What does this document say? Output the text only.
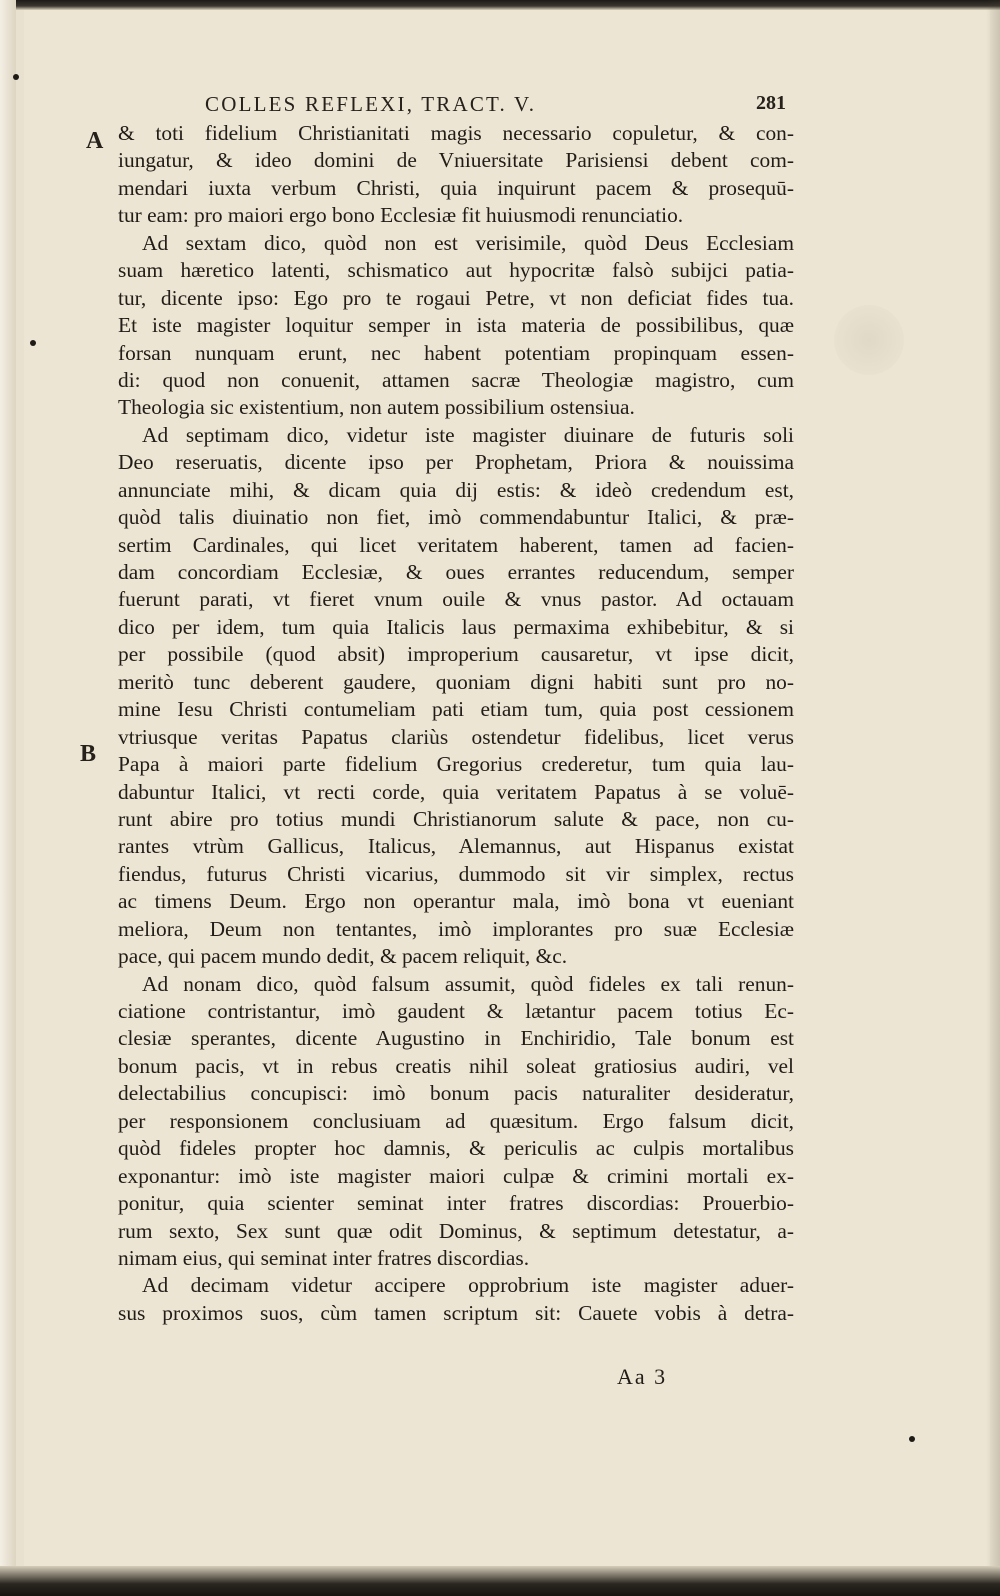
COLLES REFLEXI, TRACT. V.	281
A
B
& toti fidelium Christianitati magis necessario copuletur, & con-
iungatur, & ideo domini de Vniuersitate Parisiensi debent com-
mendari iuxta verbum Christi, quia inquirunt pacem & prosequū-
tur eam: pro maiori ergo bono Ecclesiæ fit huiusmodi renunciatio.
Ad sextam dico, quòd non est verisimile, quòd Deus Ecclesiam
suam hæretico latenti, schismatico aut hypocritæ falsò subijci patia-
tur, dicente ipso: Ego pro te rogaui Petre, vt non deficiat fides tua.
Et iste magister loquitur semper in ista materia de possibilibus, quæ
forsan nunquam erunt, nec habent potentiam propinquam essen-
di: quod non conuenit, attamen sacræ Theologiæ magistro, cum
Theologia sic existentium, non autem possibilium ostensiua.
Ad septimam dico, videtur iste magister diuinare de futuris soli
Deo reseruatis, dicente ipso per Prophetam, Priora & nouissima
annunciate mihi, & dicam quia dij estis: & ideò credendum est,
quòd talis diuinatio non fiet, imò commendabuntur Italici, & præ-
sertim Cardinales, qui licet veritatem haberent, tamen ad facien-
dam concordiam Ecclesiæ, & oues errantes reducendum, semper
fuerunt parati, vt fieret vnum ouile & vnus pastor. Ad octauam
dico per idem, tum quia Italicis laus permaxima exhibebitur, & si
per possibile (quod absit) improperium causaretur, vt ipse dicit,
meritò tunc deberent gaudere, quoniam digni habiti sunt pro no-
mine Iesu Christi contumeliam pati etiam tum, quia post cessionem
vtriusque veritas Papatus clariùs ostendetur fidelibus, licet verus
Papa à maiori parte fidelium Gregorius crederetur, tum quia lau-
dabuntur Italici, vt recti corde, quia veritatem Papatus à se voluē-
runt abire pro totius mundi Christianorum salute & pace, non cu-
rantes vtrùm Gallicus, Italicus, Alemannus, aut Hispanus existat
fiendus, futurus Christi vicarius, dummodo sit vir simplex, rectus
ac timens Deum. Ergo non operantur mala, imò bona vt eueniant
meliora, Deum non tentantes, imò implorantes pro suæ Ecclesiæ
pace, qui pacem mundo dedit, & pacem reliquit, &c.
Ad nonam dico, quòd falsum assumit, quòd fideles ex tali renun-
ciatione contristantur, imò gaudent & lætantur pacem totius Ec-
clesiæ sperantes, dicente Augustino in Enchiridio, Tale bonum est
bonum pacis, vt in rebus creatis nihil soleat gratiosius audiri, vel
delectabilius concupisci: imò bonum pacis naturaliter desideratur,
per responsionem conclusiuam ad quæsitum. Ergo falsum dicit,
quòd fideles propter hoc damnis, & periculis ac culpis mortalibus
exponantur: imò iste magister maiori culpæ & crimini mortali ex-
ponitur, quia scienter seminat inter fratres discordias: Prouerbio-
rum sexto, Sex sunt quæ odit Dominus, & septimum detestatur, a-
nimam eius, qui seminat inter fratres discordias.
Ad decimam videtur accipere opprobrium iste magister aduer-
sus proximos suos, cùm tamen scriptum sit: Cauete vobis à detra-
Aa 3
